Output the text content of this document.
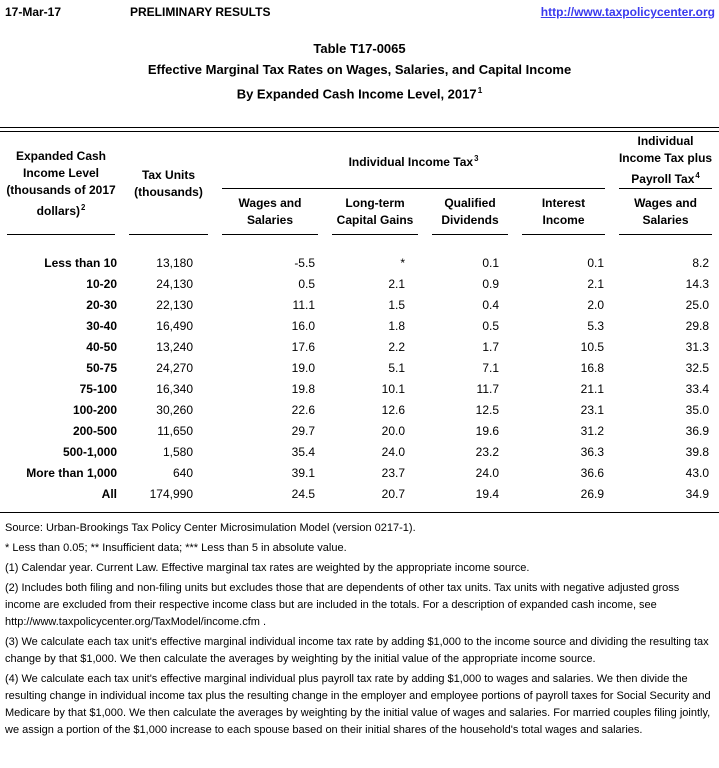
17-Mar-17	PRELIMINARY RESULTS	http://www.taxpolicycenter.org
Table T17-0065
Effective Marginal Tax Rates on Wages, Salaries, and Capital Income
By Expanded Cash Income Level, 2017$^1$
Expanded Cash
Income Level
(thousands of 2017
dollars)$^2$

Tax Units
(thousands)
	Individual Income Tax$^3$	
Individual
Income Tax plus
Payroll Tax$^4$

Wages and
Salaries

Long-term
Capital Gains

Qualified
Dividends

Interest
Income

Wages and
Salaries

Less than 10	13,180	-5.5	*	0.1	0.1	8.2
10-20	24,130	0.5	2.1	0.9	2.1	14.3
20-30	22,130	11.1	1.5	0.4	2.0	25.0
30-40	16,490	16.0	1.8	0.5	5.3	29.8
40-50	13,240	17.6	2.2	1.7	10.5	31.3
50-75	24,270	19.0	5.1	7.1	16.8	32.5
75-100	16,340	19.8	10.1	11.7	21.1	33.4
100-200	30,260	22.6	12.6	12.5	23.1	35.0
200-500	11,650	29.7	20.0	19.6	31.2	36.9
500-1,000	1,580	35.4	24.0	23.2	36.3	39.8
More than 1,000	640	39.1	23.7	24.0	36.6	43.0
All	174,990	24.5	20.7	19.4	26.9	34.9

Source: Urban-Brookings Tax Policy Center Microsimulation Model (version 0217-1).

* Less than 0.05; ** Insufficient data; *** Less than 5 in absolute value.

(1) Calendar year. Current Law. Effective marginal tax rates are weighted by the appropriate income source.

(2) Includes both filing and non-filing units but excludes those that are dependents of other tax units. Tax units with negative adjusted gross income are excluded from their respective income class but are included in the totals. For a description of expanded cash income, see http://www.taxpolicycenter.org/TaxModel/income.cfm .

(3) We calculate each tax unit's effective marginal individual income tax rate by adding $1,000 to the income source and dividing the resulting tax change by that $1,000. We then calculate the averages by weighting by the initial value of the appropriate income source.

(4) We calculate each tax unit's effective marginal individual plus payroll tax rate by adding $1,000 to wages and salaries. We then divide the resulting change in individual income tax plus the resulting change in the employer and employee portions of payroll taxes for Social Security and Medicare by that $1,000. We then calculate the averages by weighting by the initial value of wages and salaries. For married couples filing jointly, we assign a portion of the $1,000 increase to each spouse based on their initial shares of the household's total wages and salaries.
